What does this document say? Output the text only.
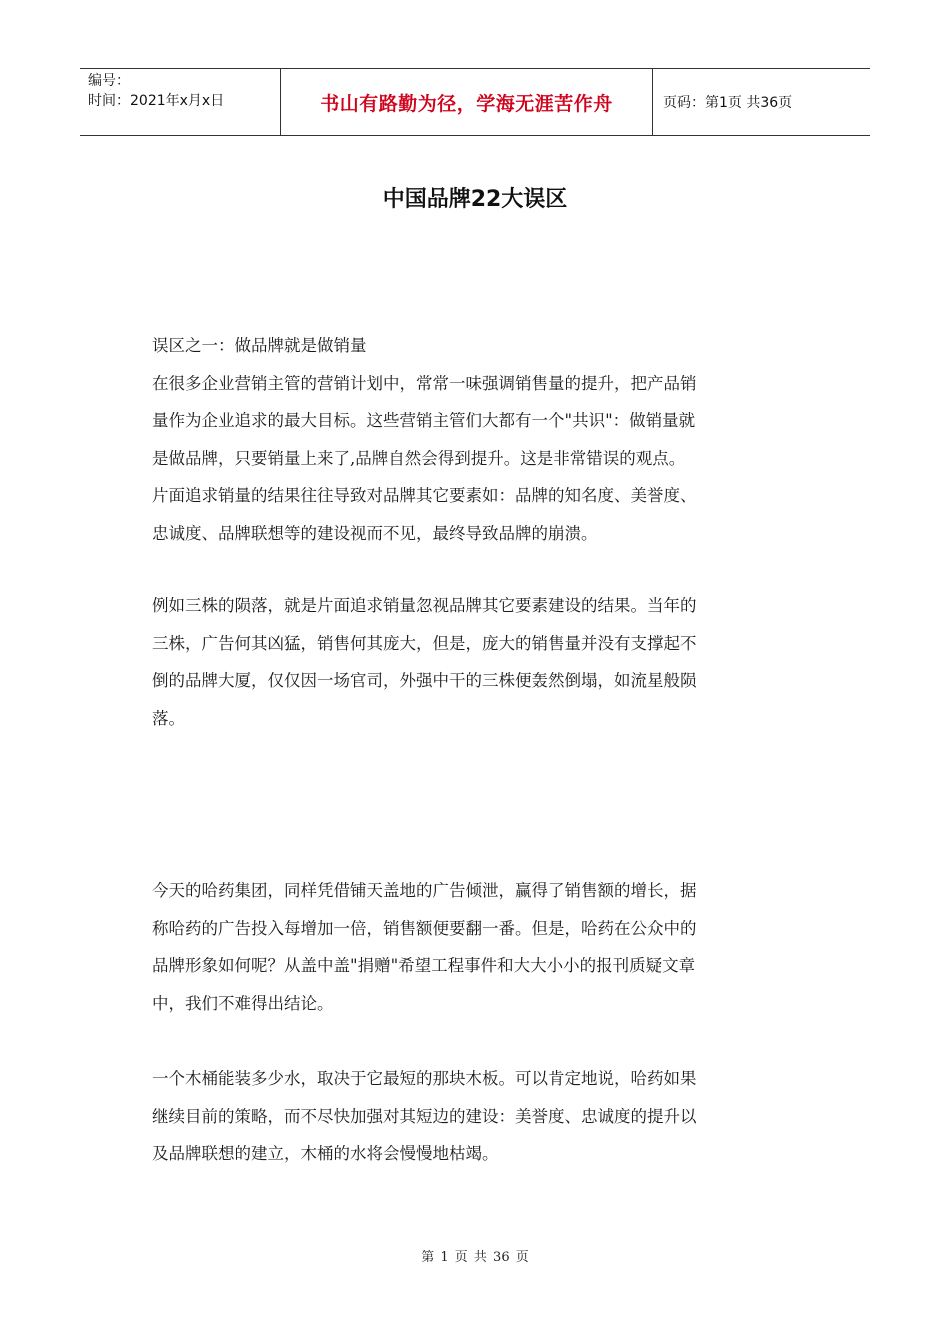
编号：
时间：2021年x月x日	书山有路勤为径，学海无涯苦作舟	页码：第1页 共36页
中国品牌22大误区

误区之一：做品牌就是做销量

在很多企业营销主管的营销计划中，常常一味强调销售量的提升，把产品销

量作为企业追求的最大目标。这些营销主管们大都有一个"共识"：做销量就

是做品牌，只要销量上来了,品牌自然会得到提升。这是非常错误的观点。

片面追求销量的结果往往导致对品牌其它要素如：品牌的知名度、美誉度、

忠诚度、品牌联想等的建设视而不见，最终导致品牌的崩溃。

例如三株的陨落，就是片面追求销量忽视品牌其它要素建设的结果。当年的

三株，广告何其凶猛，销售何其庞大，但是，庞大的销售量并没有支撑起不

倒的品牌大厦，仅仅因一场官司，外强中干的三株便轰然倒塌，如流星般陨

落。

今天的哈药集团，同样凭借铺天盖地的广告倾泄，赢得了销售额的增长，据

称哈药的广告投入每增加一倍，销售额便要翻一番。但是，哈药在公众中的

品牌形象如何呢？从盖中盖"捐赠"希望工程事件和大大小小的报刊质疑文章

中，我们不难得出结论。

一个木桶能装多少水，取决于它最短的那块木板。可以肯定地说，哈药如果

继续目前的策略，而不尽快加强对其短边的建设：美誉度、忠诚度的提升以

及品牌联想的建立，木桶的水将会慢慢地枯竭。

第 1 页 共 36 页
